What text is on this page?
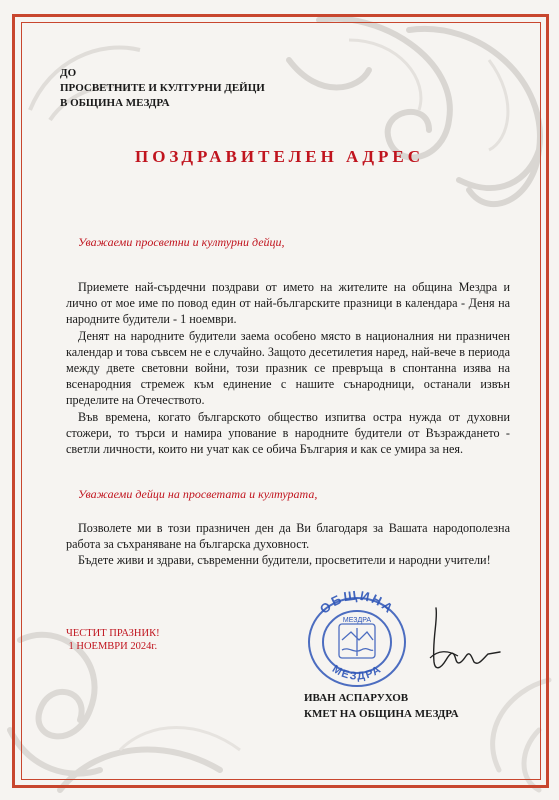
ДО
ПРОСВЕТНИТЕ И КУЛТУРНИ ДЕЙЦИ
В ОБЩИНА МЕЗДРА
ПОЗДРАВИТЕЛЕН АДРЕС
Уважаеми просветни и културни дейци,

Приемете най-сърдечни поздрави от името на жителите на община Мездра и лично от мое име по повод един от най-българските празници в календара - Деня на народните будители - 1 ноември.

Денят на народните будители заема особено място в националния ни празничен календар и това съвсем не е случайно. Защото десетилетия наред, най-вече в периода между двете световни войни, този празник се превръща в спонтанна изява на всенародния стремеж към единение с нашите сънародници, останали извън пределите на Отечеството.

Във времена, когато българското общество изпитва остра нужда от духовни стожери, то търси и намира упование в народните будители от Възраждането - светли личности, които ни учат как се обича България и как се умира за нея.

Уважаеми дейци на просветата и културата,

Позволете ми в този празничен ден да Ви благодаря за Вашата народополезна работа за съхраняване на българска духовност.

Бъдете живи и здрави, съвременни будители, просветители и народни учители!

ЧЕСТИТ ПРАЗНИК!
1 НОЕМВРИ 2024г.
ОБЩИНА
МЕЗДРА
МЕЗДРА
ИВАН АСПАРУХОВ
КМЕТ НА ОБЩИНА МЕЗДРА
